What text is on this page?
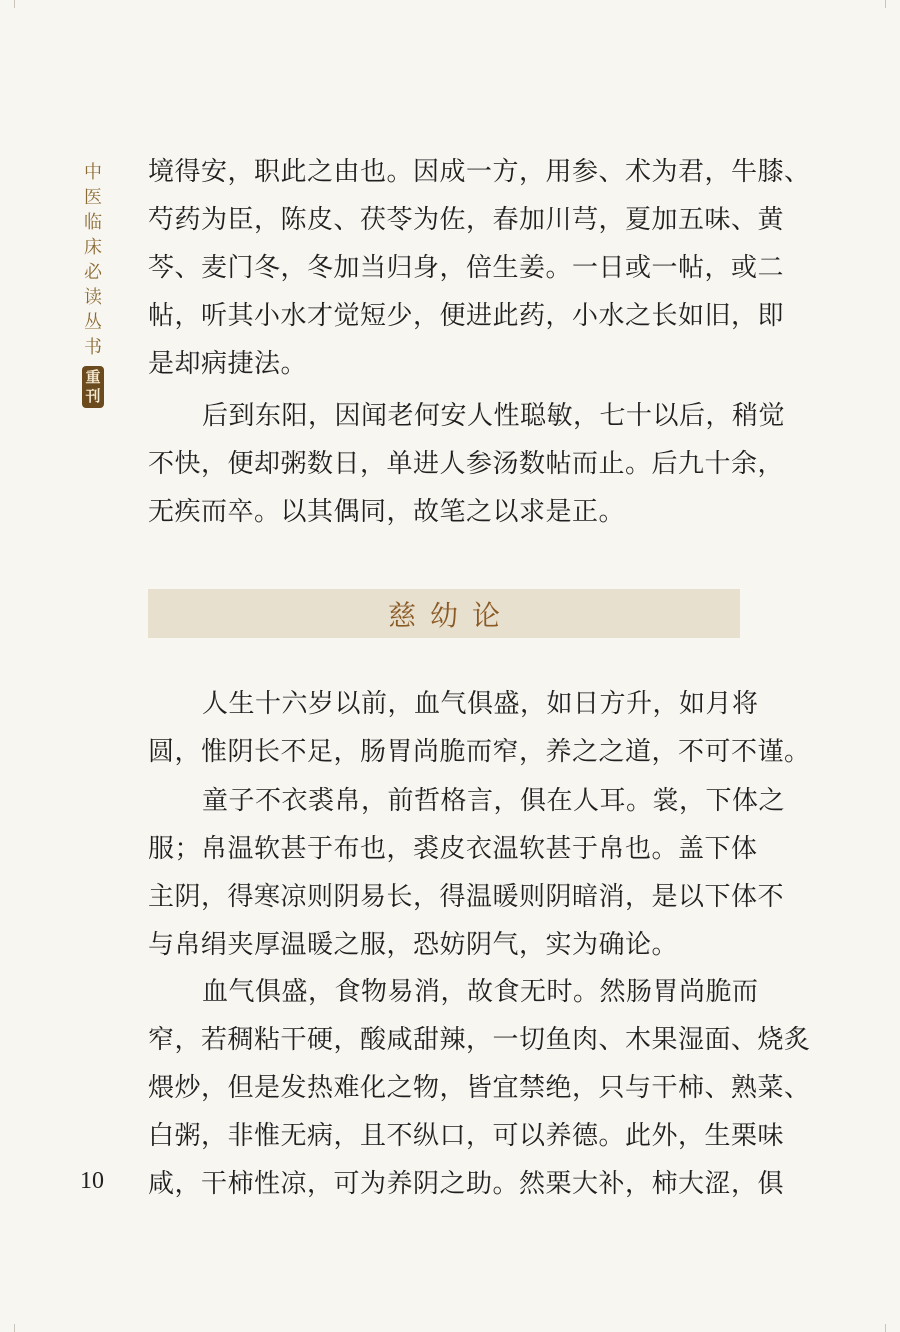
中
医
临
床
必
读
丛
书
重
刊
境得安，职此之由也。因成一方，用参、术为君，牛膝、
芍药为臣，陈皮、茯苓为佐，春加川芎，夏加五味、黄
芩、麦门冬，冬加当归身，倍生姜。一日或一帖，或二
帖，听其小水才觉短少，便进此药，小水之长如旧，即
是却病捷法。
后到东阳，因闻老何安人性聪敏，七十以后，稍觉
不快，便却粥数日，单进人参汤数帖而止。后九十余，
无疾而卒。以其偶同，故笔之以求是正。
慈幼论
人生十六岁以前，血气俱盛，如日方升，如月将
圆，惟阴长不足，肠胃尚脆而窄，养之之道，不可不谨。
童子不衣裘帛，前哲格言，俱在人耳。裳，下体之
服；帛温软甚于布也，裘皮衣温软甚于帛也。盖下体
主阴，得寒凉则阴易长，得温暖则阴暗消，是以下体不
与帛绢夹厚温暖之服，恐妨阴气，实为确论。
血气俱盛，食物易消，故食无时。然肠胃尚脆而
窄，若稠粘干硬，酸咸甜辣，一切鱼肉、木果湿面、烧炙
煨炒，但是发热难化之物，皆宜禁绝，只与干柿、熟菜、
白粥，非惟无病，且不纵口，可以养德。此外，生栗味
咸，干柿性凉，可为养阴之助。然栗大补，柿大涩，俱
10
